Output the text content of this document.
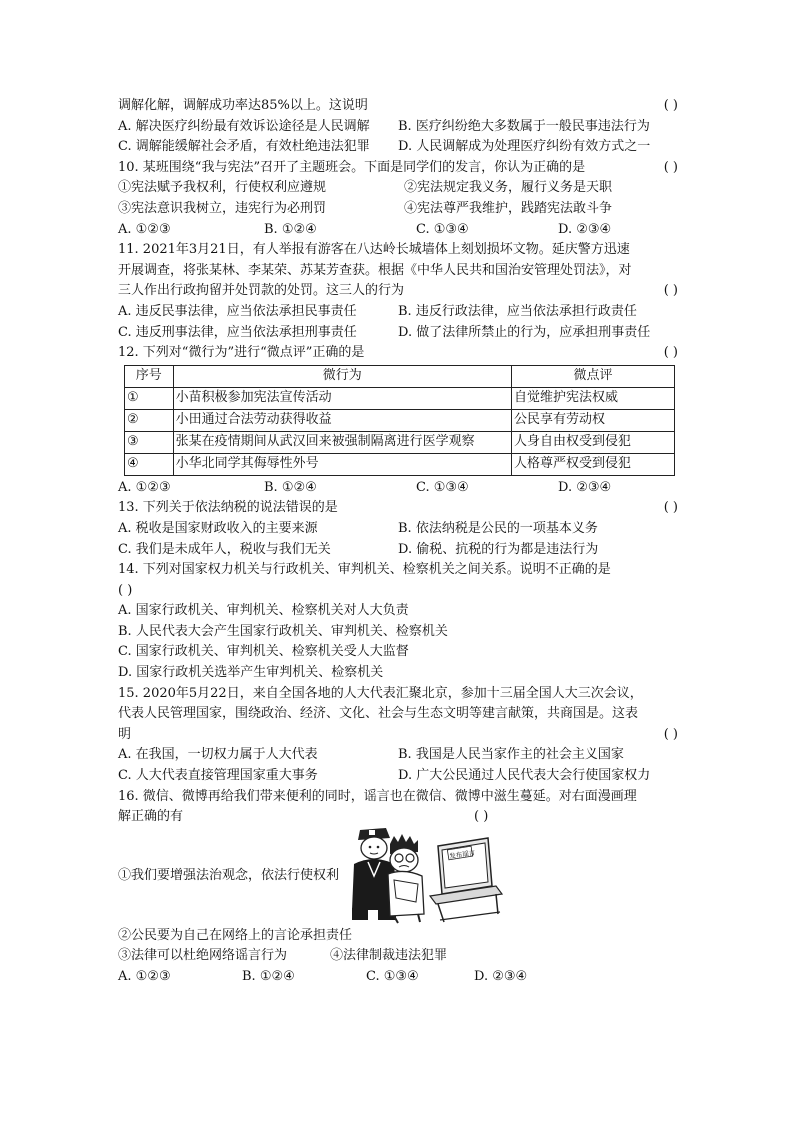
调解化解，调解成功率达85%以上。这说明	( )
A. 解决医疗纠纷最有效诉讼途径是人民调解 B. 医疗纠纷绝大多数属于一般民事违法行为
C. 调解能缓解社会矛盾，有效杜绝违法犯罪 D. 人民调解成为处理医疗纠纷有效方式之一
10. 某班围绕“我与宪法”召开了主题班会。下面是同学们的发言，你认为正确的是	( )
①宪法赋予我权利，行使权利应遵规	②宪法规定我义务，履行义务是天职
③宪法意识我树立，违宪行为必刑罚	④宪法尊严我维护，践踏宪法敢斗争
A. ①②③	B. ①②④	C. ①③④	D. ②③④
11. 2021年3月21日，有人举报有游客在八达岭长城墙体上刻划损坏文物。延庆警方迅速
开展调查，将张某林、李某荣、苏某芳查获。根据《中华人民共和国治安管理处罚法》，对
三人作出行政拘留并处罚款的处罚。这三人的行为	( )
A. 违反民事法律，应当依法承担民事责任	B. 违反行政法律，应当依法承担行政责任
C. 违反刑事法律，应当依法承担刑事责任	D. 做了法律所禁止的行为，应承担刑事责任
12. 下列对“微行为”进行“微点评”正确的是	( )
序号	微行为	微点评
①	小苗积极参加宪法宣传活动	自觉维护宪法权威
②	小田通过合法劳动获得收益	公民享有劳动权
③	张某在疫情期间从武汉回来被强制隔离进行医学观察	人身自由权受到侵犯
④	小华北同学其侮辱性外号	人格尊严权受到侵犯
A. ①②③	B. ①②④	C. ①③④	D. ②③④
13. 下列关于依法纳税的说法错误的是	( )
A. 税收是国家财政收入的主要来源	B. 依法纳税是公民的一项基本义务
C. 我们是未成年人，税收与我们无关	D. 偷税、抗税的行为都是违法行为
14. 下列对国家权力机关与行政机关、审判机关、检察机关之间关系。说明不正确的是
( )
A. 国家行政机关、审判机关、检察机关对人大负责
B. 人民代表大会产生国家行政机关、审判机关、检察机关
C. 国家行政机关、审判机关、检察机关受人大监督
D. 国家行政机关选举产生审判机关、检察机关
15. 2020年5月22日，来自全国各地的人大代表汇聚北京，参加十三届全国人大三次会议，
代表人民管理国家，围绕政治、经济、文化、社会与生态文明等建言献策，共商国是。这表
明	( )
A. 在我国，一切权力属于人大代表	B. 我国是人民当家作主的社会主义国家
C. 人大代表直接管理国家重大事务	D. 广大公民通过人民代表大会行使国家权力
16. 微信、微博再给我们带来便利的同时，谣言也在微信、微博中滋生蔓延。对右面漫画理
解正确的有	( )
①我们要增强法治观念，依法行使权利
发布谣言
②公民要为自己在网络上的言论承担责任
③法律可以杜绝网络谣言行为	④法律制裁违法犯罪
A. ①②③	B. ①②④	C. ①③④	D. ②③④
